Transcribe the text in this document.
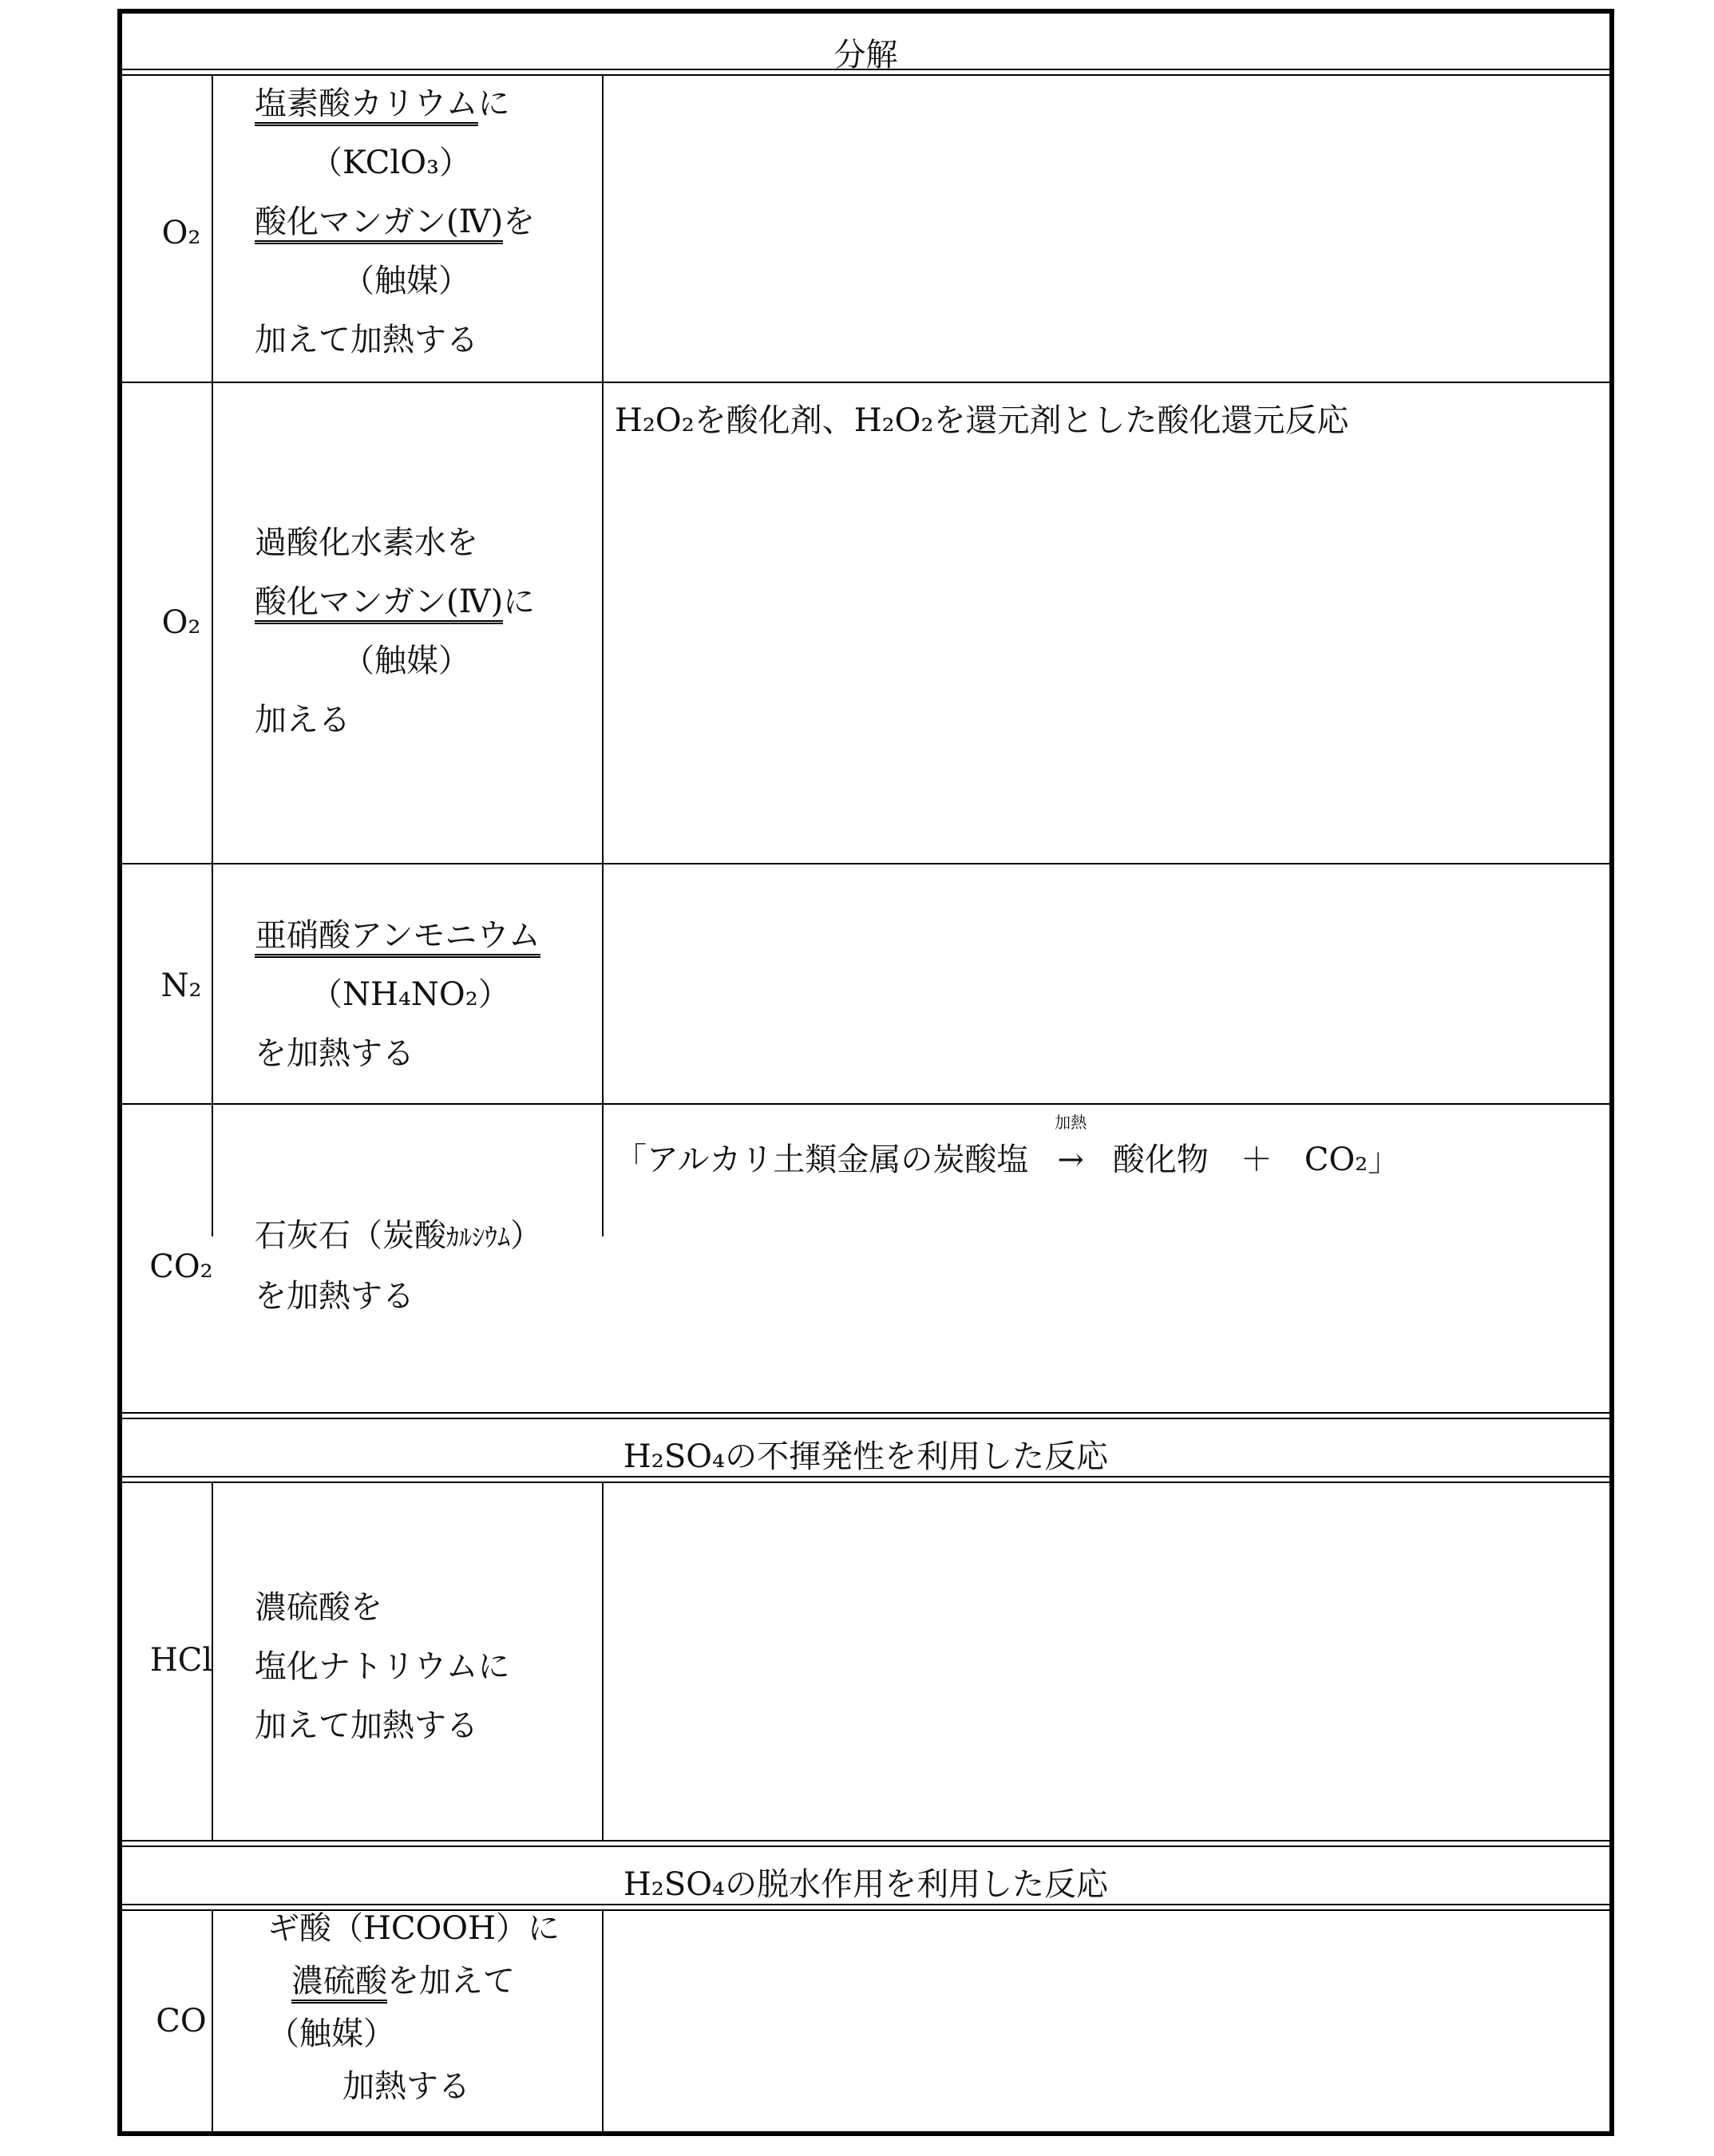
分解
O₂
塩素酸カリウムに
（KClO₃）
酸化マンガン(Ⅳ)を
（触媒）
加えて加熱する
O₂
過酸化水素水を
酸化マンガン(Ⅳ)に
（触媒）
加える
H₂O₂を酸化剤、H₂O₂を還元剤とした酸化還元反応
N₂
亜硝酸アンモニウム
（NH₄NO₂）
を加熱する
CO₂
石灰石（炭酸ｶﾙｼｳﾑ）
を加熱する
「アルカリ土類金属の炭酸塩
加熱
→ 酸化物　＋　CO₂」
H₂SO₄の不揮発性を利用した反応
HCl
濃硫酸を
塩化ナトリウムに
加えて加熱する
H₂SO₄の脱水作用を利用した反応
CO
ギ酸（HCOOH）に
濃硫酸を加えて
（触媒）
加熱する
